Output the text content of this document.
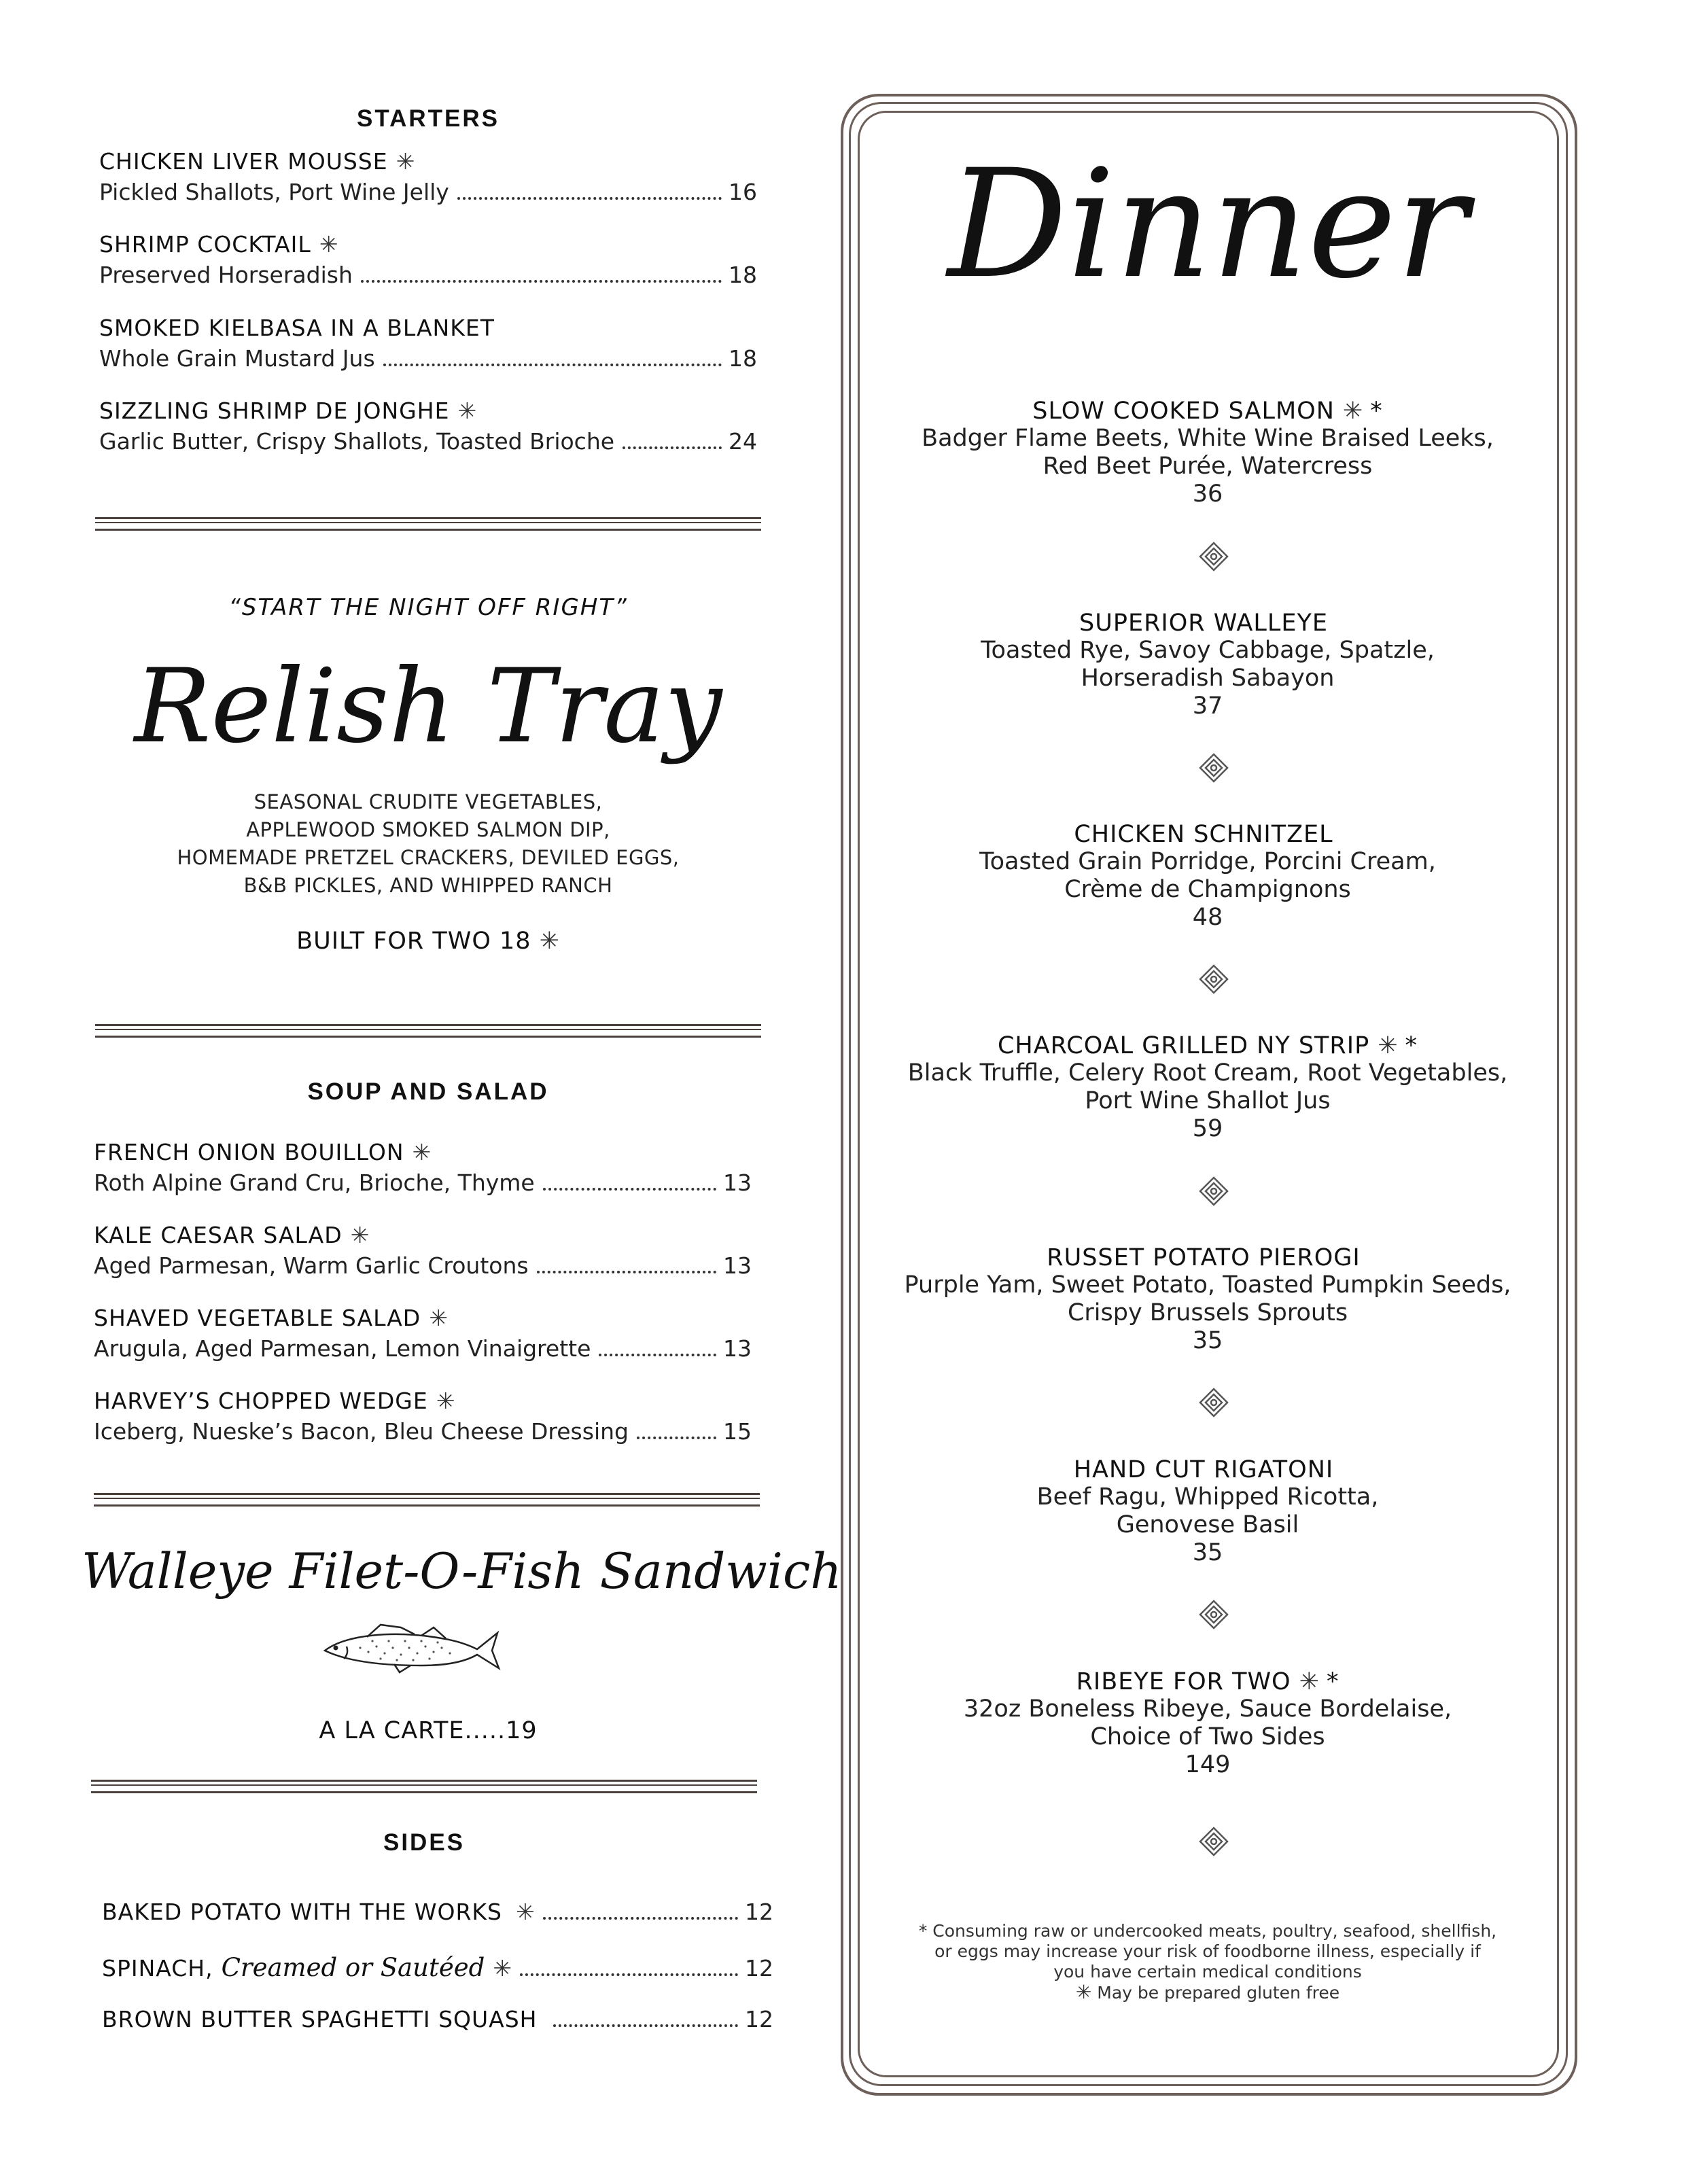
STARTERS
CHICKEN LIVER MOUSSE ✳
Pickled Shallots, Port Wine Jelly	16
SHRIMP COCKTAIL ✳
Preserved Horseradish	18
SMOKED KIELBASA IN A BLANKET
Whole Grain Mustard Jus	18
SIZZLING SHRIMP DE JONGHE ✳
Garlic Butter, Crispy Shallots, Toasted Brioche	24
“START THE NIGHT OFF RIGHT”
Relish Tray
SEASONAL CRUDITE VEGETABLES,
APPLEWOOD SMOKED SALMON DIP,
HOMEMADE PRETZEL CRACKERS, DEVILED EGGS,
B&B PICKLES, AND WHIPPED RANCH
BUILT FOR TWO 18 ✳
SOUP AND SALAD
FRENCH ONION BOUILLON ✳
Roth Alpine Grand Cru, Brioche, Thyme	13
KALE CAESAR SALAD ✳
Aged Parmesan, Warm Garlic Croutons	13
SHAVED VEGETABLE SALAD ✳
Arugula, Aged Parmesan, Lemon Vinaigrette	13
HARVEY’S CHOPPED WEDGE ✳
Iceberg, Nueske’s Bacon, Bleu Cheese Dressing	15
Walleye Filet-O-Fish Sandwich
A LA CARTE.....19
SIDES
BAKED POTATO WITH THE WORKS ✳	12
SPINACH, Creamed or Sautéed ✳	12
BROWN BUTTER SPAGHETTI SQUASH	12
Dinner
SLOW COOKED SALMON ✳ *
Badger Flame Beets, White Wine Braised Leeks,
Red Beet Purée, Watercress
36
SUPERIOR WALLEYE
Toasted Rye, Savoy Cabbage, Spatzle,
Horseradish Sabayon
37
CHICKEN SCHNITZEL
Toasted Grain Porridge, Porcini Cream,
Crème de Champignons
48
CHARCOAL GRILLED NY STRIP ✳ *
Black Truffle, Celery Root Cream, Root Vegetables,
Port Wine Shallot Jus
59
RUSSET POTATO PIEROGI
Purple Yam, Sweet Potato, Toasted Pumpkin Seeds,
Crispy Brussels Sprouts
35
HAND CUT RIGATONI
Beef Ragu, Whipped Ricotta,
Genovese Basil
35
RIBEYE FOR TWO ✳ *
32oz Boneless Ribeye, Sauce Bordelaise,
Choice of Two Sides
149
* Consuming raw or undercooked meats, poultry, seafood, shellfish,
or eggs may increase your risk of foodborne illness, especially if
you have certain medical conditions
✳ May be prepared gluten free
